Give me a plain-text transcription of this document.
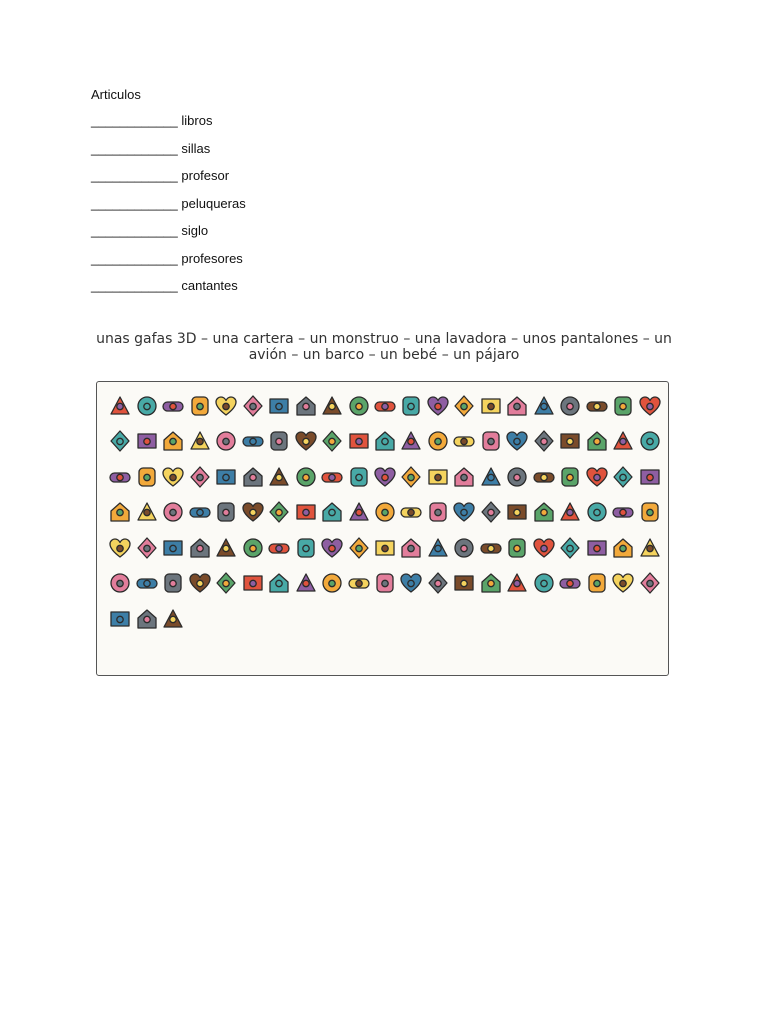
Articulos
____________ libros
____________ sillas
____________ profesor
____________ peluqueras
____________ siglo
____________ profesores
____________ cantantes
unas gafas 3D – una cartera – un monstruo – una lavadora – unos pantalones – un avión – un barco – un bebé – un pájaro
